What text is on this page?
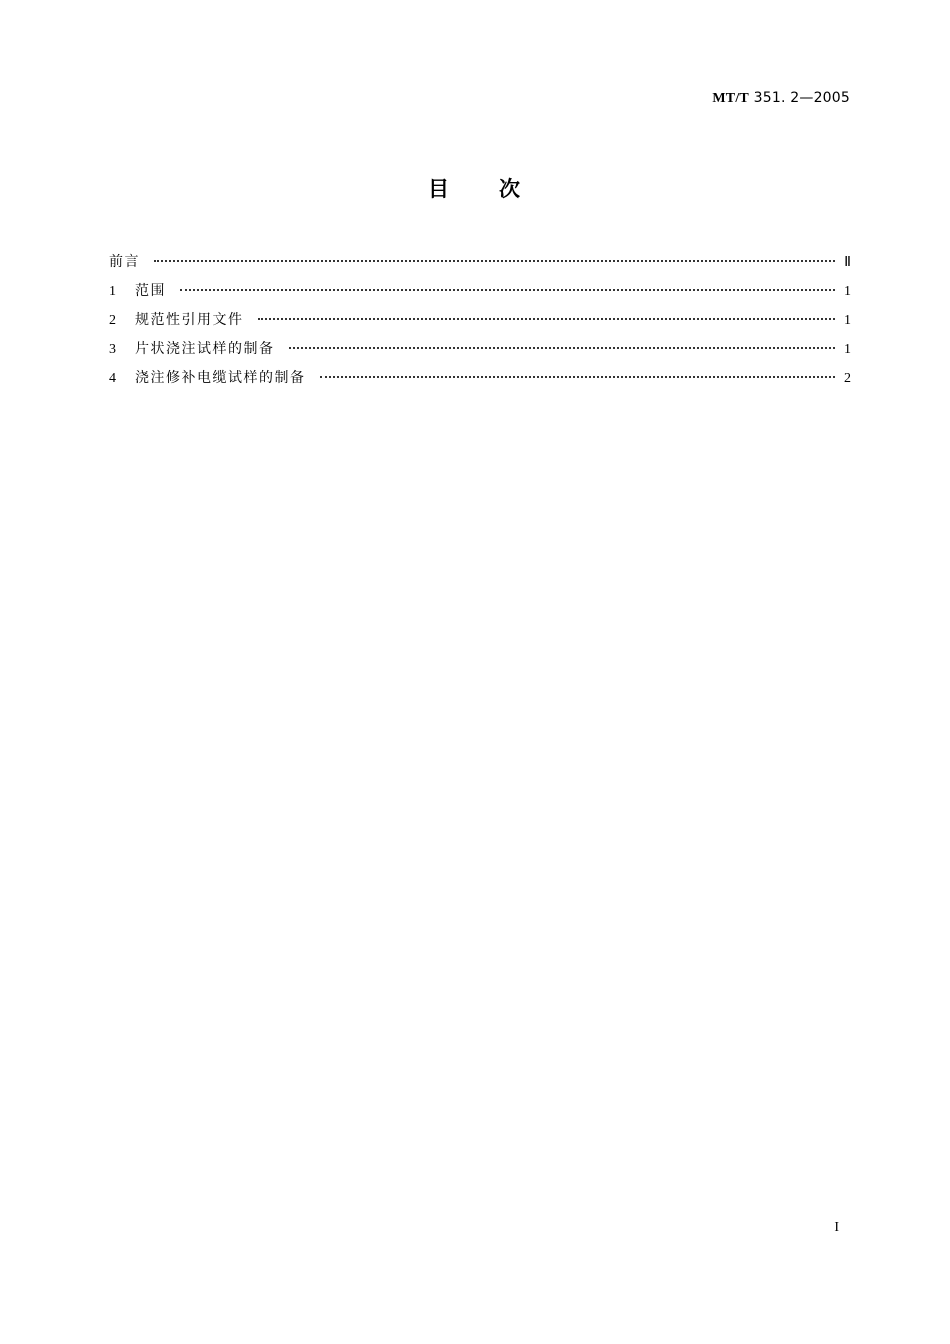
MT/T 351. 2—2005
目 次
前言	Ⅱ
1	范围	1
2	规范性引用文件	1
3	片状浇注试样的制备	1
4	浇注修补电缆试样的制备	2
I
